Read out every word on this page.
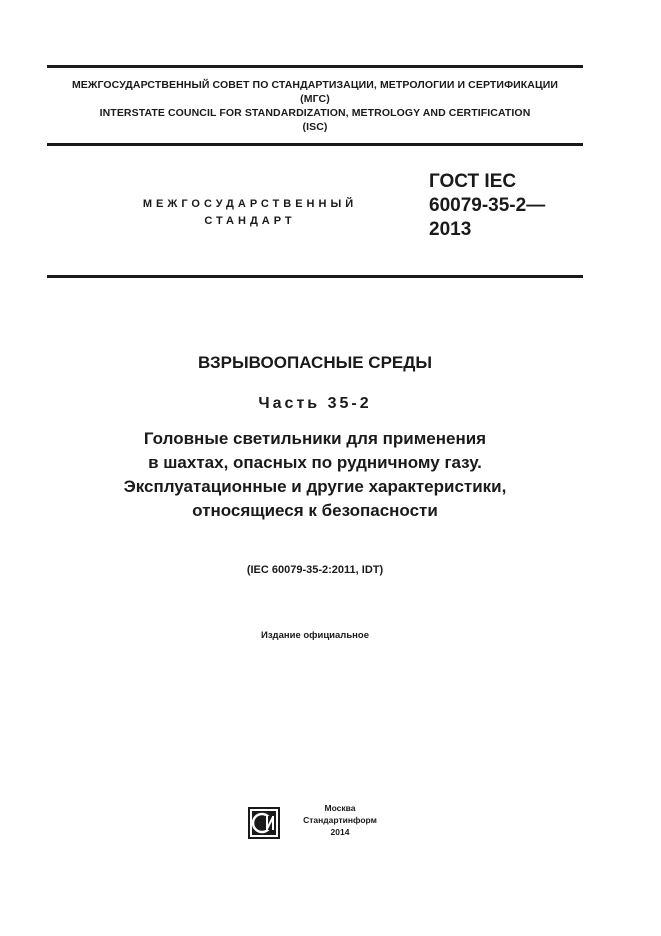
МЕЖГОСУДАРСТВЕННЫЙ СОВЕТ ПО СТАНДАРТИЗАЦИИ, МЕТРОЛОГИИ И СЕРТИФИКАЦИИ
(МГС)
INTERSTATE COUNCIL FOR STANDARDIZATION, METROLOGY AND CERTIFICATION
(ISC)
МЕЖГОСУДАРСТВЕННЫЙ
СТАНДАРТ
ГОСТ IEC
60079-35-2—
2013
ВЗРЫВООПАСНЫЕ СРЕДЫ
Часть 35-2
Головные светильники для применения
в шахтах, опасных по рудничному газу.
Эксплуатационные и другие характеристики,
относящиеся к безопасности
(IEC 60079-35-2:2011, IDT)
Издание официальное
Москва
Стандартинформ
2014
